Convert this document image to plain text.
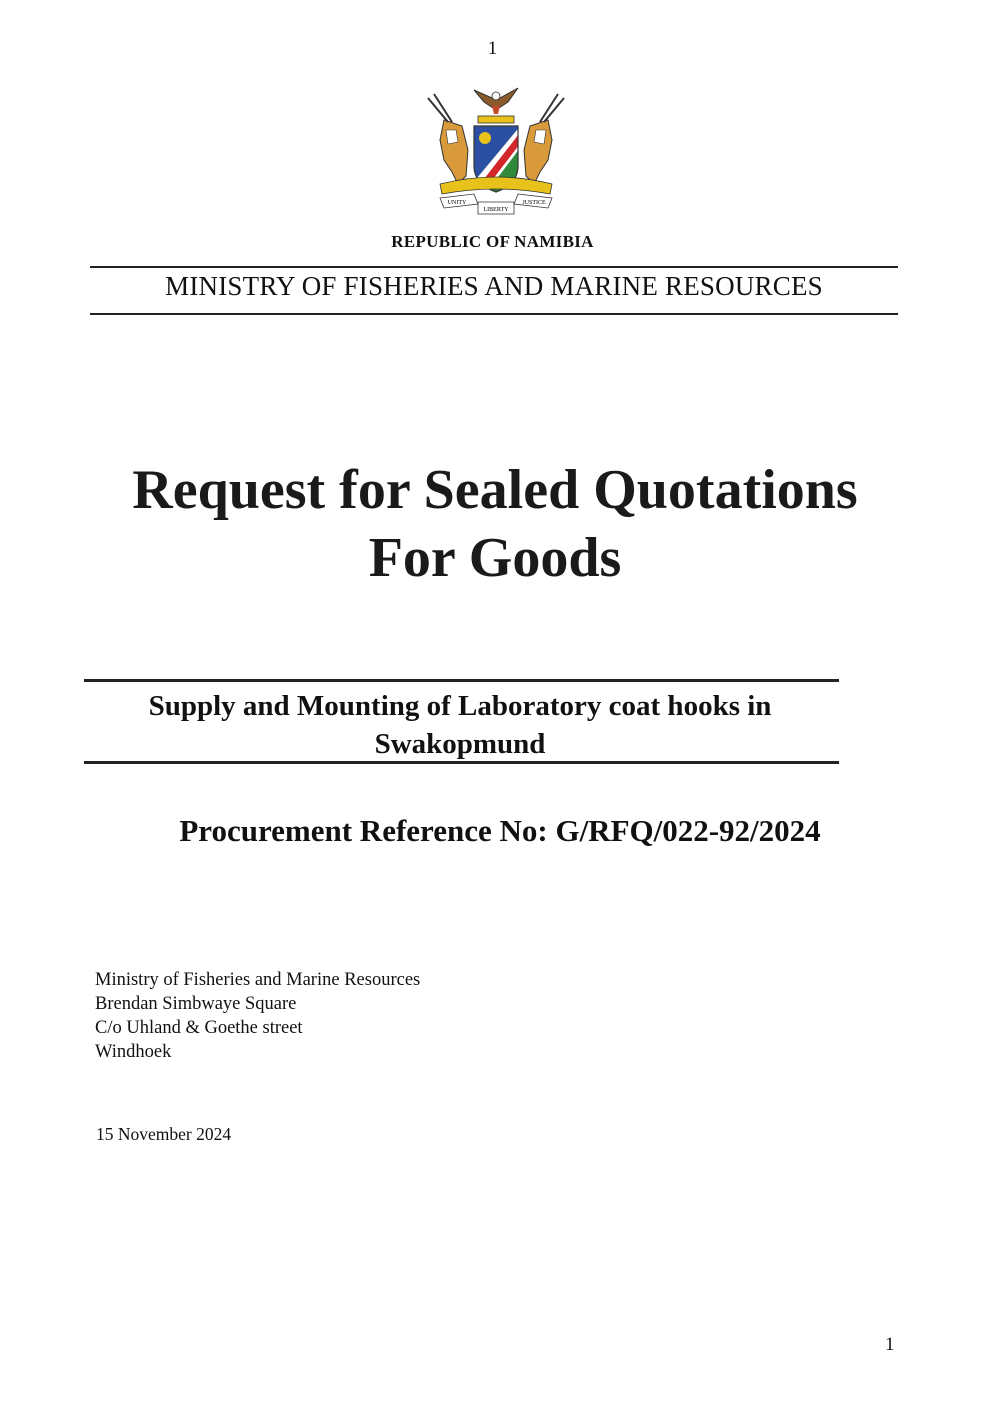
1
UNITY
LIBERTY
JUSTICE
REPUBLIC OF NAMIBIA
MINISTRY OF FISHERIES AND MARINE RESOURCES
Request for Sealed Quotations
For Goods
Supply and Mounting of Laboratory coat hooks in
Swakopmund
Procurement Reference No: G/RFQ/022-92/2024
Ministry of Fisheries and Marine Resources
Brendan Simbwaye Square
C/o Uhland & Goethe street
Windhoek
15 November 2024
1
